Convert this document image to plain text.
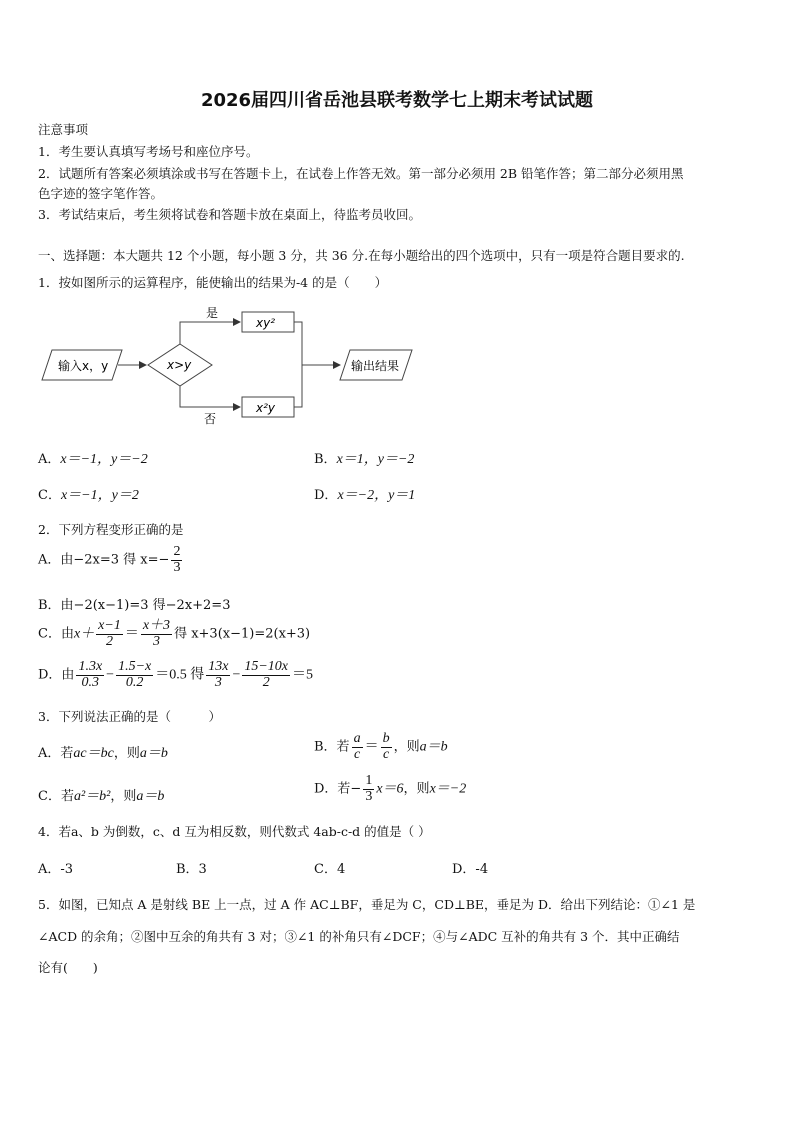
2026届四川省岳池县联考数学七上期末考试试题
注意事项
1．考生要认真填写考场号和座位序号。
2．试题所有答案必须填涂或书写在答题卡上，在试卷上作答无效。第一部分必须用 2B 铅笔作答；第二部分必须用黑
色字迹的签字笔作答。
3．考试结束后，考生须将试卷和答题卡放在桌面上，待监考员收回。
一、选择题：本大题共 12 个小题，每小题 3 分，共 36 分.在每小题给出的四个选项中，只有一项是符合题目要求的.
1．按如图所示的运算程序，能使输出的结果为-4 的是（　　）
输入x，y	x>y
是
xy²
否
x²y
输出结果
A．x＝−1，y＝−2	B．x＝1，y＝−2
C．x＝−1，y＝2	D．x＝−2，y＝1
2．下列方程变形正确的是
A．由−2x=3 得 $x=- \frac{2}{3}$
B．由−2(x−1)=3 得−2x+2=3
C．由$x+ \frac{x-1}{2} = \frac{x+3}{3}$ 得 x+3(x−1)=2(x+3)
D．由 $\frac{1.3x}{0.3} - \frac{1.5-x}{0.2} =0.5$ 得 $\frac{13x}{3} - \frac{15-10x}{2} =5$
3．下列说法正确的是（　　　）
A．若ac＝bc，则a＝b	B．若 $\frac{a}{c} = \frac{b}{c}$ ，则a＝b
C．若a²＝b²，则a＝b	D．若− $\frac{1}{3} x=6$，则x＝−2
4．若a、b 为倒数，c、d 互为相反数，则代数式 4ab-c-d 的值是（ ）
A．-3	B．3	C．4	D．-4
5．如图，已知点 A 是射线 BE 上一点，过 A 作 AC⊥BF，垂足为 C，CD⊥BE，垂足为 D．给出下列结论：①∠1 是
∠ACD 的余角；②图中互余的角共有 3 对；③∠1 的补角只有∠DCF；④与∠ADC 互补的角共有 3 个．其中正确结
论有(　　)
